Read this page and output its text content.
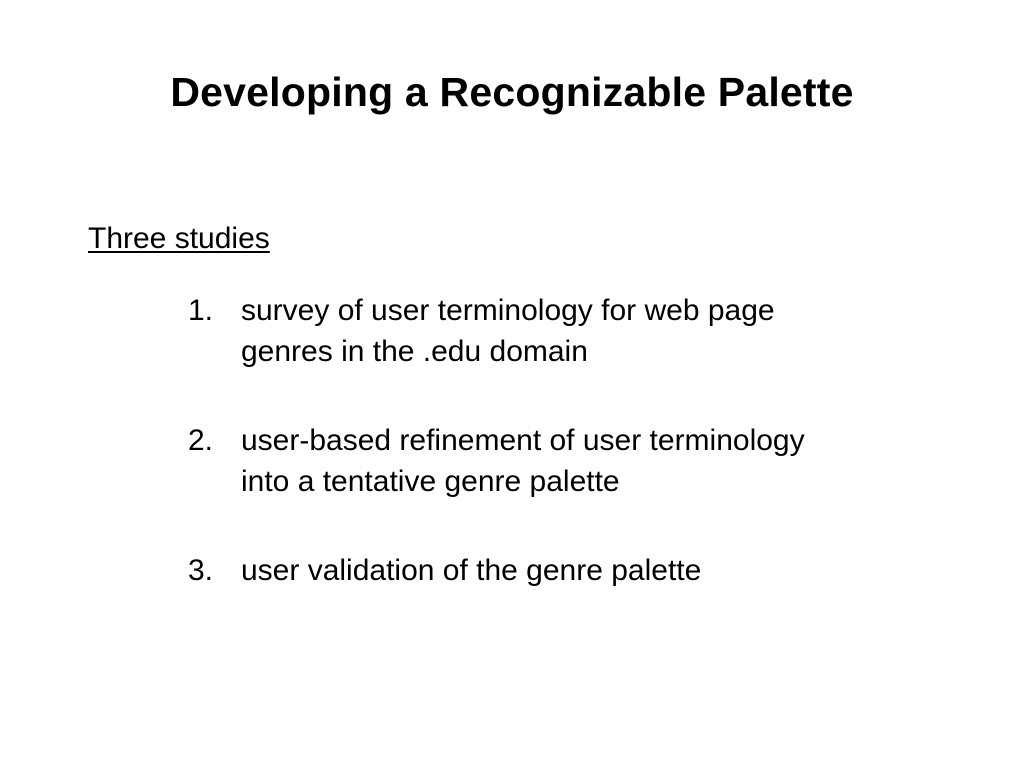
Developing a Recognizable Palette
Three studies
1. survey of user terminology for web page
genres in the .edu domain
2. user-based refinement of user terminology
into a tentative genre palette
3. user validation of the genre palette
